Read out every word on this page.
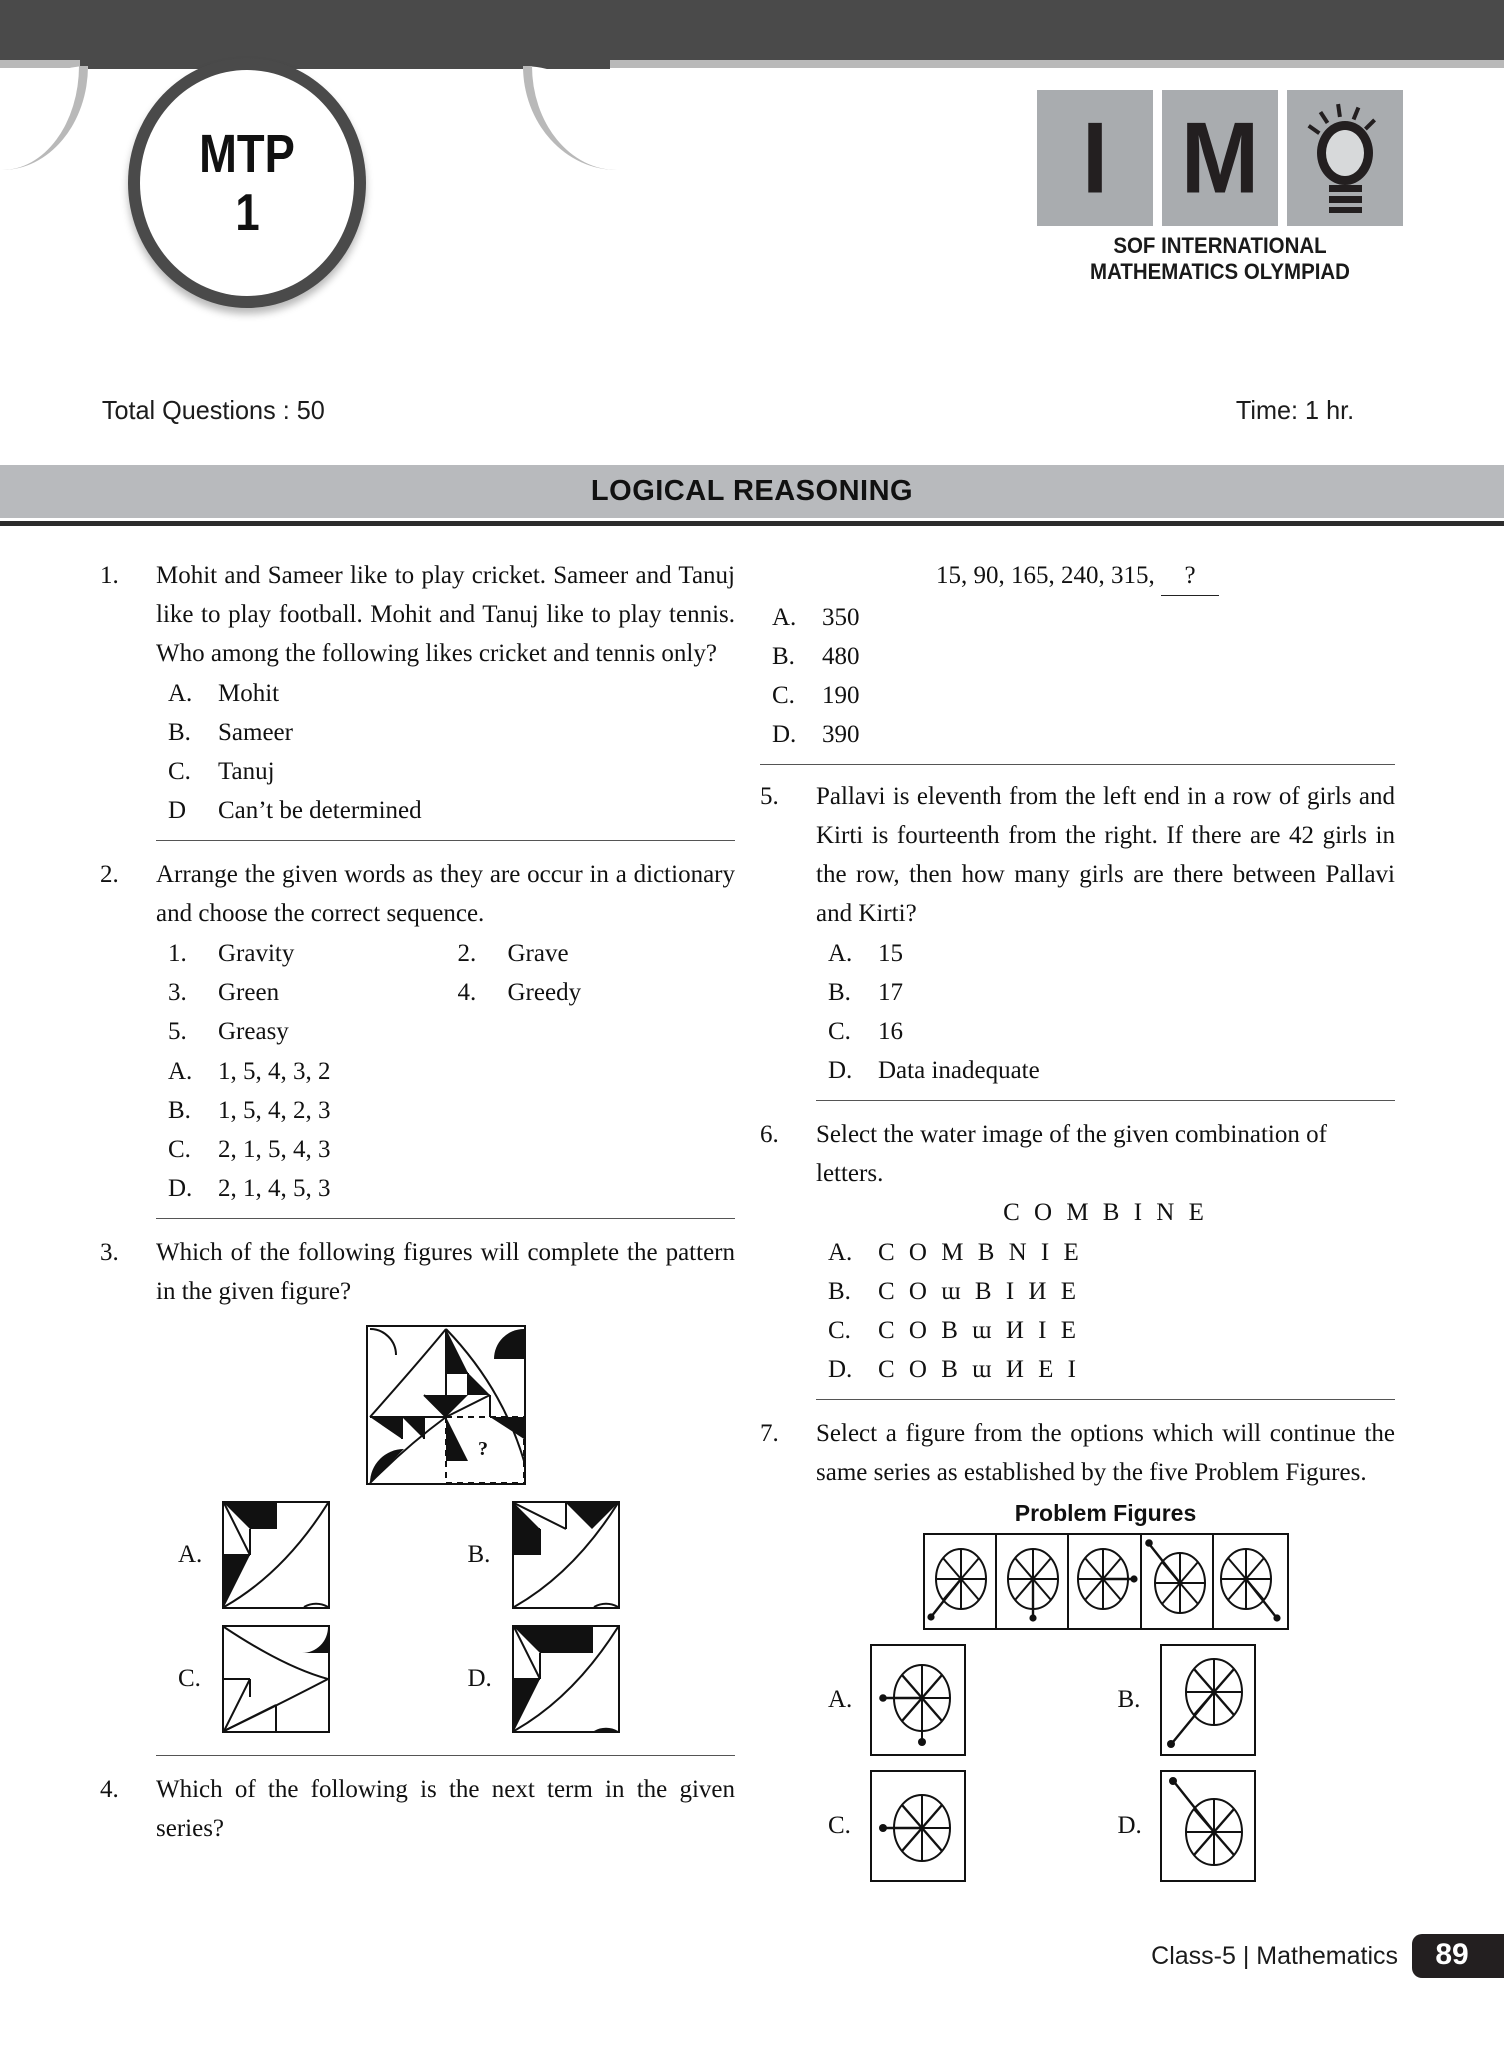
MTP
1	I M
SOF INTERNATIONAL
MATHEMATICS OLYMPIAD
Total Questions : 50	Time: 1 hr.
LOGICAL REASONING
1.	Mohit and Sameer like to play cricket. Sameer and Tanuj like to play football. Mohit and Tanuj like to play tennis. Who among the following likes cricket and tennis only?
A.	Mohit
B.	Sameer
C.	Tanuj
D	Can’t be determined
2.	Arrange the given words as they are occur in a dictionary and choose the correct sequence.
1.	Gravity	2.	Grave
3.	Green	4.	Greedy
5.	Greasy
A.	1, 5, 4, 3, 2
B.	1, 5, 4, 2, 3
C.	2, 1, 5, 4, 3
D.	2, 1, 4, 5, 3
3.	Which of the following figures will complete the pattern in the given figure?
?
A.	B.
C.	D.
4.	Which of the following is the next term in the given series?
15, 90, 165, 240, 315, ?
A.	350
B.	480
C.	190
D.	390
5.	Pallavi is eleventh from the left end in a row of girls and Kirti is fourteenth from the right. If there are 42 girls in the row, then how many girls are there between Pallavi and Kirti?
A.	15
B.	17
C.	16
D.	Data inadequate
6.	Select the water image of the given combination of letters.
C O M B I N E
A.	C O M B N I E
B.	C O ɯ B I И E
C.	C O B ɯ И I E
D.	C O B ɯ И E I
7.	Select a figure from the options which will continue the same series as established by the five Problem Figures.
Problem Figures
A.	B.
C.	D.
Class-5 | Mathematics	89
